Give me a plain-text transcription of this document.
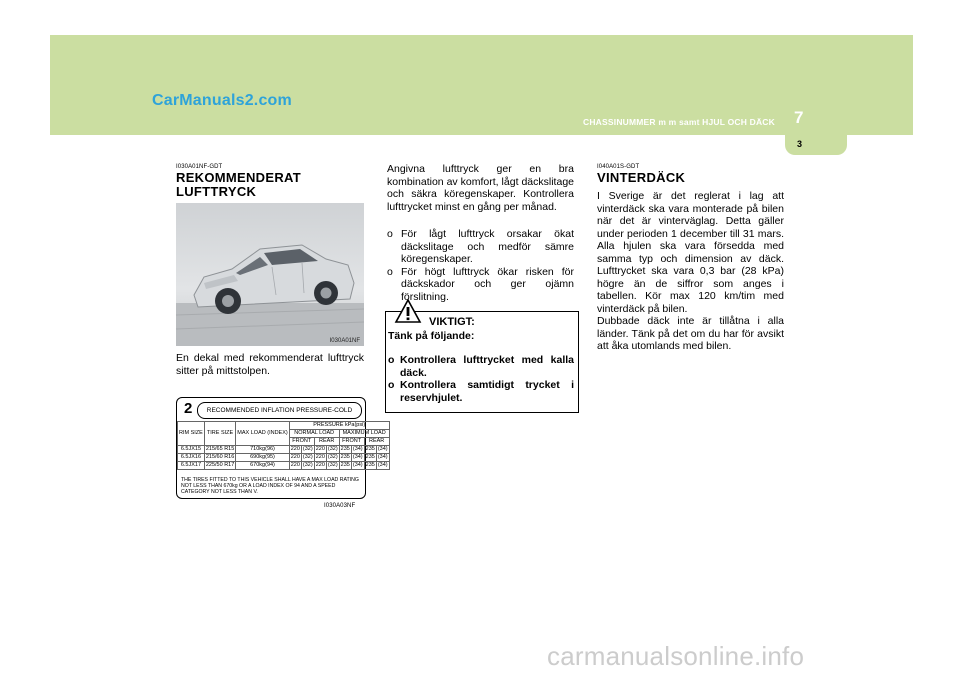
CarManuals2.com
CHASSINUMMER m m samt HJUL OCH DÄCK 7
3
I030A01NF-GDT
REKOMMENDERAT
LUFTTRYCK
I030A01NF
En dekal med rekommenderat lufttryck sitter på mittstolpen.
2	RECOMMENDED INFLATION PRESSURE-COLD
RIM SIZE	TIRE SIZE	MAX LOAD (INDEX)	PRESSURE kPa(psi)							
			NORMAL LOAD				MAXIMUM LOAD			
			FRONT		REAR		FRONT		REAR	
6.5JX15	215/65 R15	710kg(96)	220	(32)	220	(32)	235	(34)	235	(34)
6.5JX16	215/60 R16	690kg(95)	220	(32)	220	(32)	235	(34)	235	(34)
6.5JX17	225/50 R17	670kg(94)	220	(32)	220	(32)	235	(34)	235	(34)
THE TIRES FITTED TO THIS VEHICLE SHALL HAVE A MAX LOAD RATING NOT LESS THAN 670kg OR A LOAD INDEX OF 94 AND A SPEED CATEGORY NOT LESS THAN V.
I030A03NF
Angivna lufttryck ger en bra kombination av komfort, lågt däckslitage och säkra köregenskaper. Kontrollera lufttrycket minst en gång per månad.
o För lågt lufttryck orsakar ökat däckslitage och medför sämre köregenskaper.
o För högt lufttryck ökar risken för däckskador och ger ojämn förslitning.
VIKTIGT:
Tänk på följande:
o Kontrollera lufttrycket med kalla däck.
o Kontrollera samtidigt trycket i reservhjulet.
I040A01S-GDT
VINTERDÄCK
I Sverige är det reglerat i lag att vinterdäck ska vara monterade på bilen när det är vinterväglag. Detta gäller under perioden 1 december till 31 mars. Alla hjulen ska vara försedda med samma typ och dimension av däck. Lufttrycket ska vara 0,3 bar (28 kPa) högre än de siffror som anges i tabellen. Kör max 120 km/tim med vinterdäck på bilen.
Dubbade däck inte är tillåtna i alla länder. Tänk på det om du har för avsikt att åka utomlands med bilen.
carmanualsonline.info
